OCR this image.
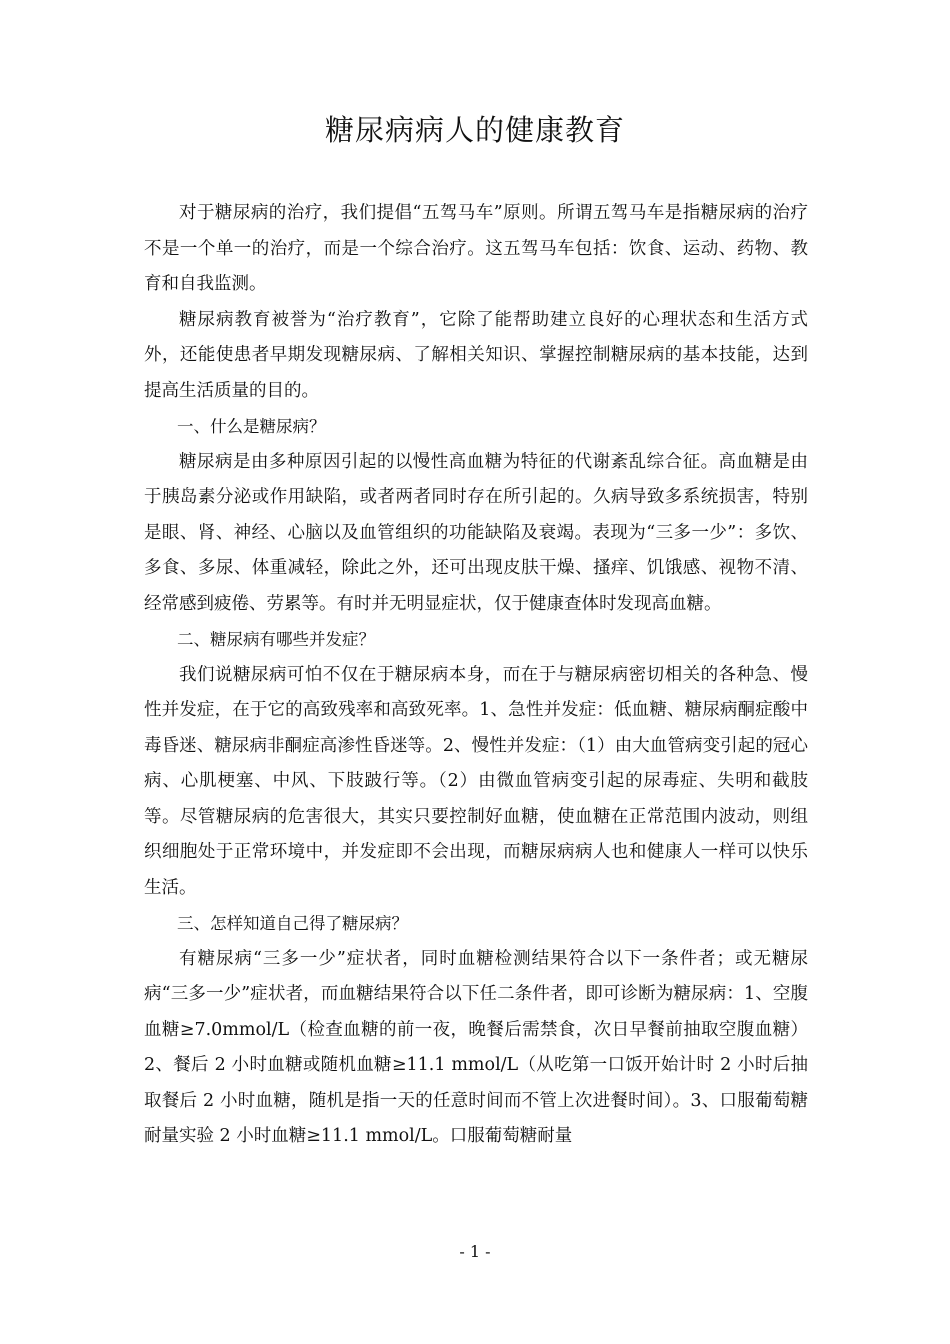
糖尿病病人的健康教育

对于糖尿病的治疗，我们提倡“五驾马车”原则。所谓五驾马车是指糖尿病的治疗不是一个单一的治疗，而是一个综合治疗。这五驾马车包括：饮食、运动、药物、教育和自我监测。

糖尿病教育被誉为“治疗教育”，它除了能帮助建立良好的心理状态和生活方式外，还能使患者早期发现糖尿病、了解相关知识、掌握控制糖尿病的基本技能，达到提高生活质量的目的。

一、什么是糖尿病？

糖尿病是由多种原因引起的以慢性高血糖为特征的代谢紊乱综合征。高血糖是由于胰岛素分泌或作用缺陷，或者两者同时存在所引起的。久病导致多系统损害，特别是眼、肾、神经、心脑以及血管组织的功能缺陷及衰竭。表现为“三多一少”：多饮、多食、多尿、体重减轻，除此之外，还可出现皮肤干燥、搔痒、饥饿感、视物不清、经常感到疲倦、劳累等。有时并无明显症状，仅于健康查体时发现高血糖。

二、糖尿病有哪些并发症？

我们说糖尿病可怕不仅在于糖尿病本身，而在于与糖尿病密切相关的各种急、慢性并发症，在于它的高致残率和高致死率。1、急性并发症：低血糖、糖尿病酮症酸中毒昏迷、糖尿病非酮症高渗性昏迷等。2、慢性并发症：（1）由大血管病变引起的冠心病、心肌梗塞、中风、下肢跛行等。（2）由微血管病变引起的尿毒症、失明和截肢等。尽管糖尿病的危害很大，其实只要控制好血糖，使血糖在正常范围内波动，则组织细胞处于正常环境中，并发症即不会出现，而糖尿病病人也和健康人一样可以快乐生活。

三、怎样知道自己得了糖尿病？

有糖尿病“三多一少”症状者，同时血糖检测结果符合以下一条件者；或无糖尿病“三多一少”症状者，而血糖结果符合以下任二条件者，即可诊断为糖尿病：1、空腹血糖≥7.0mmol/L（检查血糖的前一夜，晚餐后需禁食，次日早餐前抽取空腹血糖）2、餐后 2 小时血糖或随机血糖≥11.1 mmol/L（从吃第一口饭开始计时 2 小时后抽取餐后 2 小时血糖，随机是指一天的任意时间而不管上次进餐时间）。3、口服葡萄糖耐量实验 2 小时血糖≥11.1 mmol/L。口服葡萄糖耐量

- 1 -
